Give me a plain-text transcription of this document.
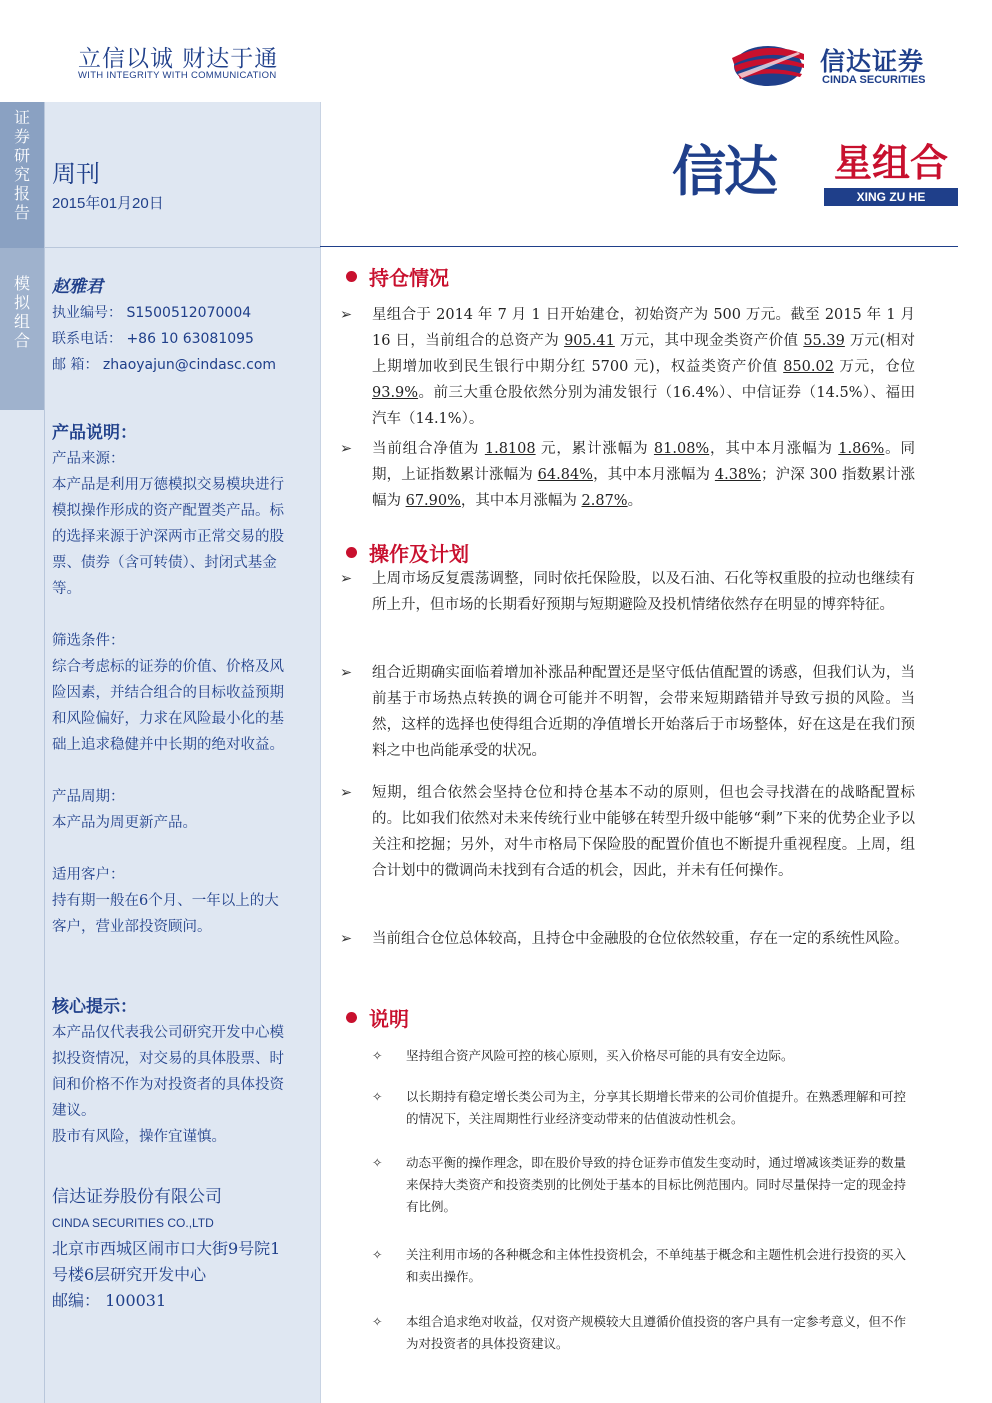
立信以诚 财达于通
WITH INTEGRITY WITH COMMUNICATION	信达证券
CINDA SECURITIES
证
券
研
究
报
告
模
拟
组
合
周刊
2015年01月20日
赵雅君
执业编号： S1500512070004
联系电话： +86 10 63081095
邮 箱： zhaoyajun@cindasc.com
产品说明：
产品来源：
本产品是利用万德模拟交易模块进行模拟操作形成的资产配置类产品。标的选择来源于沪深两市正常交易的股票、债券（含可转债）、封闭式基金等。
筛选条件：
综合考虑标的证券的价值、价格及风险因素，并结合组合的目标收益预期和风险偏好，力求在风险最小化的基础上追求稳健并中长期的绝对收益。
产品周期：
本产品为周更新产品。
适用客户：
持有期一般在6个月、一年以上的大客户，营业部投资顾问。
核心提示：
本产品仅代表我公司研究开发中心模拟投资情况，对交易的具体股票、时间和价格不作为对投资者的具体投资建议。
股市有风险，操作宜谨慎。
信达证券股份有限公司
CINDA SECURITIES CO.,LTD
北京市西城区闹市口大街9号院1号楼6层研究开发中心
邮编： 100031
信达 星组合
XING ZU HE
持仓情况
➢	星组合于 2014 年 7 月 1 日开始建仓，初始资产为 500 万元。截至 2015 年 1 月 16 日，当前组合的总资产为 905.41 万元，其中现金类资产价值 55.39 万元(相对上期增加收到民生银行中期分红 5700 元)，权益类资产价值 850.02 万元，仓位 93.9%。前三大重仓股依然分别为浦发银行（16.4%）、中信证券（14.5%）、福田汽车（14.1%）。
➢	当前组合净值为 1.8108 元，累计涨幅为 81.08%，其中本月涨幅为 1.86%。同期，上证指数累计涨幅为 64.84%，其中本月涨幅为 4.38%；沪深 300 指数累计涨幅为 67.90%，其中本月涨幅为 2.87%。
操作及计划
➢	上周市场反复震荡调整，同时依托保险股，以及石油、石化等权重股的拉动也继续有所上升，但市场的长期看好预期与短期避险及投机情绪依然存在明显的博弈特征。
➢	组合近期确实面临着增加补涨品种配置还是坚守低估值配置的诱惑，但我们认为，当前基于市场热点转换的调仓可能并不明智，会带来短期踏错并导致亏损的风险。当然，这样的选择也使得组合近期的净值增长开始落后于市场整体，好在这是在我们预料之中也尚能承受的状况。
➢	短期，组合依然会坚持仓位和持仓基本不动的原则，但也会寻找潜在的战略配置标的。比如我们依然对未来传统行业中能够在转型升级中能够“剩”下来的优势企业予以关注和挖掘；另外，对牛市格局下保险股的配置价值也不断提升重视程度。上周，组合计划中的微调尚未找到有合适的机会，因此，并未有任何操作。
➢	当前组合仓位总体较高，且持仓中金融股的仓位依然较重，存在一定的系统性风险。
说明
✧ 坚持组合资产风险可控的核心原则，买入价格尽可能的具有安全边际。
✧ 以长期持有稳定增长类公司为主，分享其长期增长带来的公司价值提升。在熟悉理解和可控的情况下，关注周期性行业经济变动带来的估值波动性机会。
✧ 动态平衡的操作理念，即在股价导致的持仓证券市值发生变动时，通过增减该类证券的数量来保持大类资产和投资类别的比例处于基本的目标比例范围内。同时尽量保持一定的现金持有比例。
✧ 关注利用市场的各种概念和主体性投资机会，不单纯基于概念和主题性机会进行投资的买入和卖出操作。
✧ 本组合追求绝对收益，仅对资产规模较大且遵循价值投资的客户具有一定参考意义，但不作为对投资者的具体投资建议。
